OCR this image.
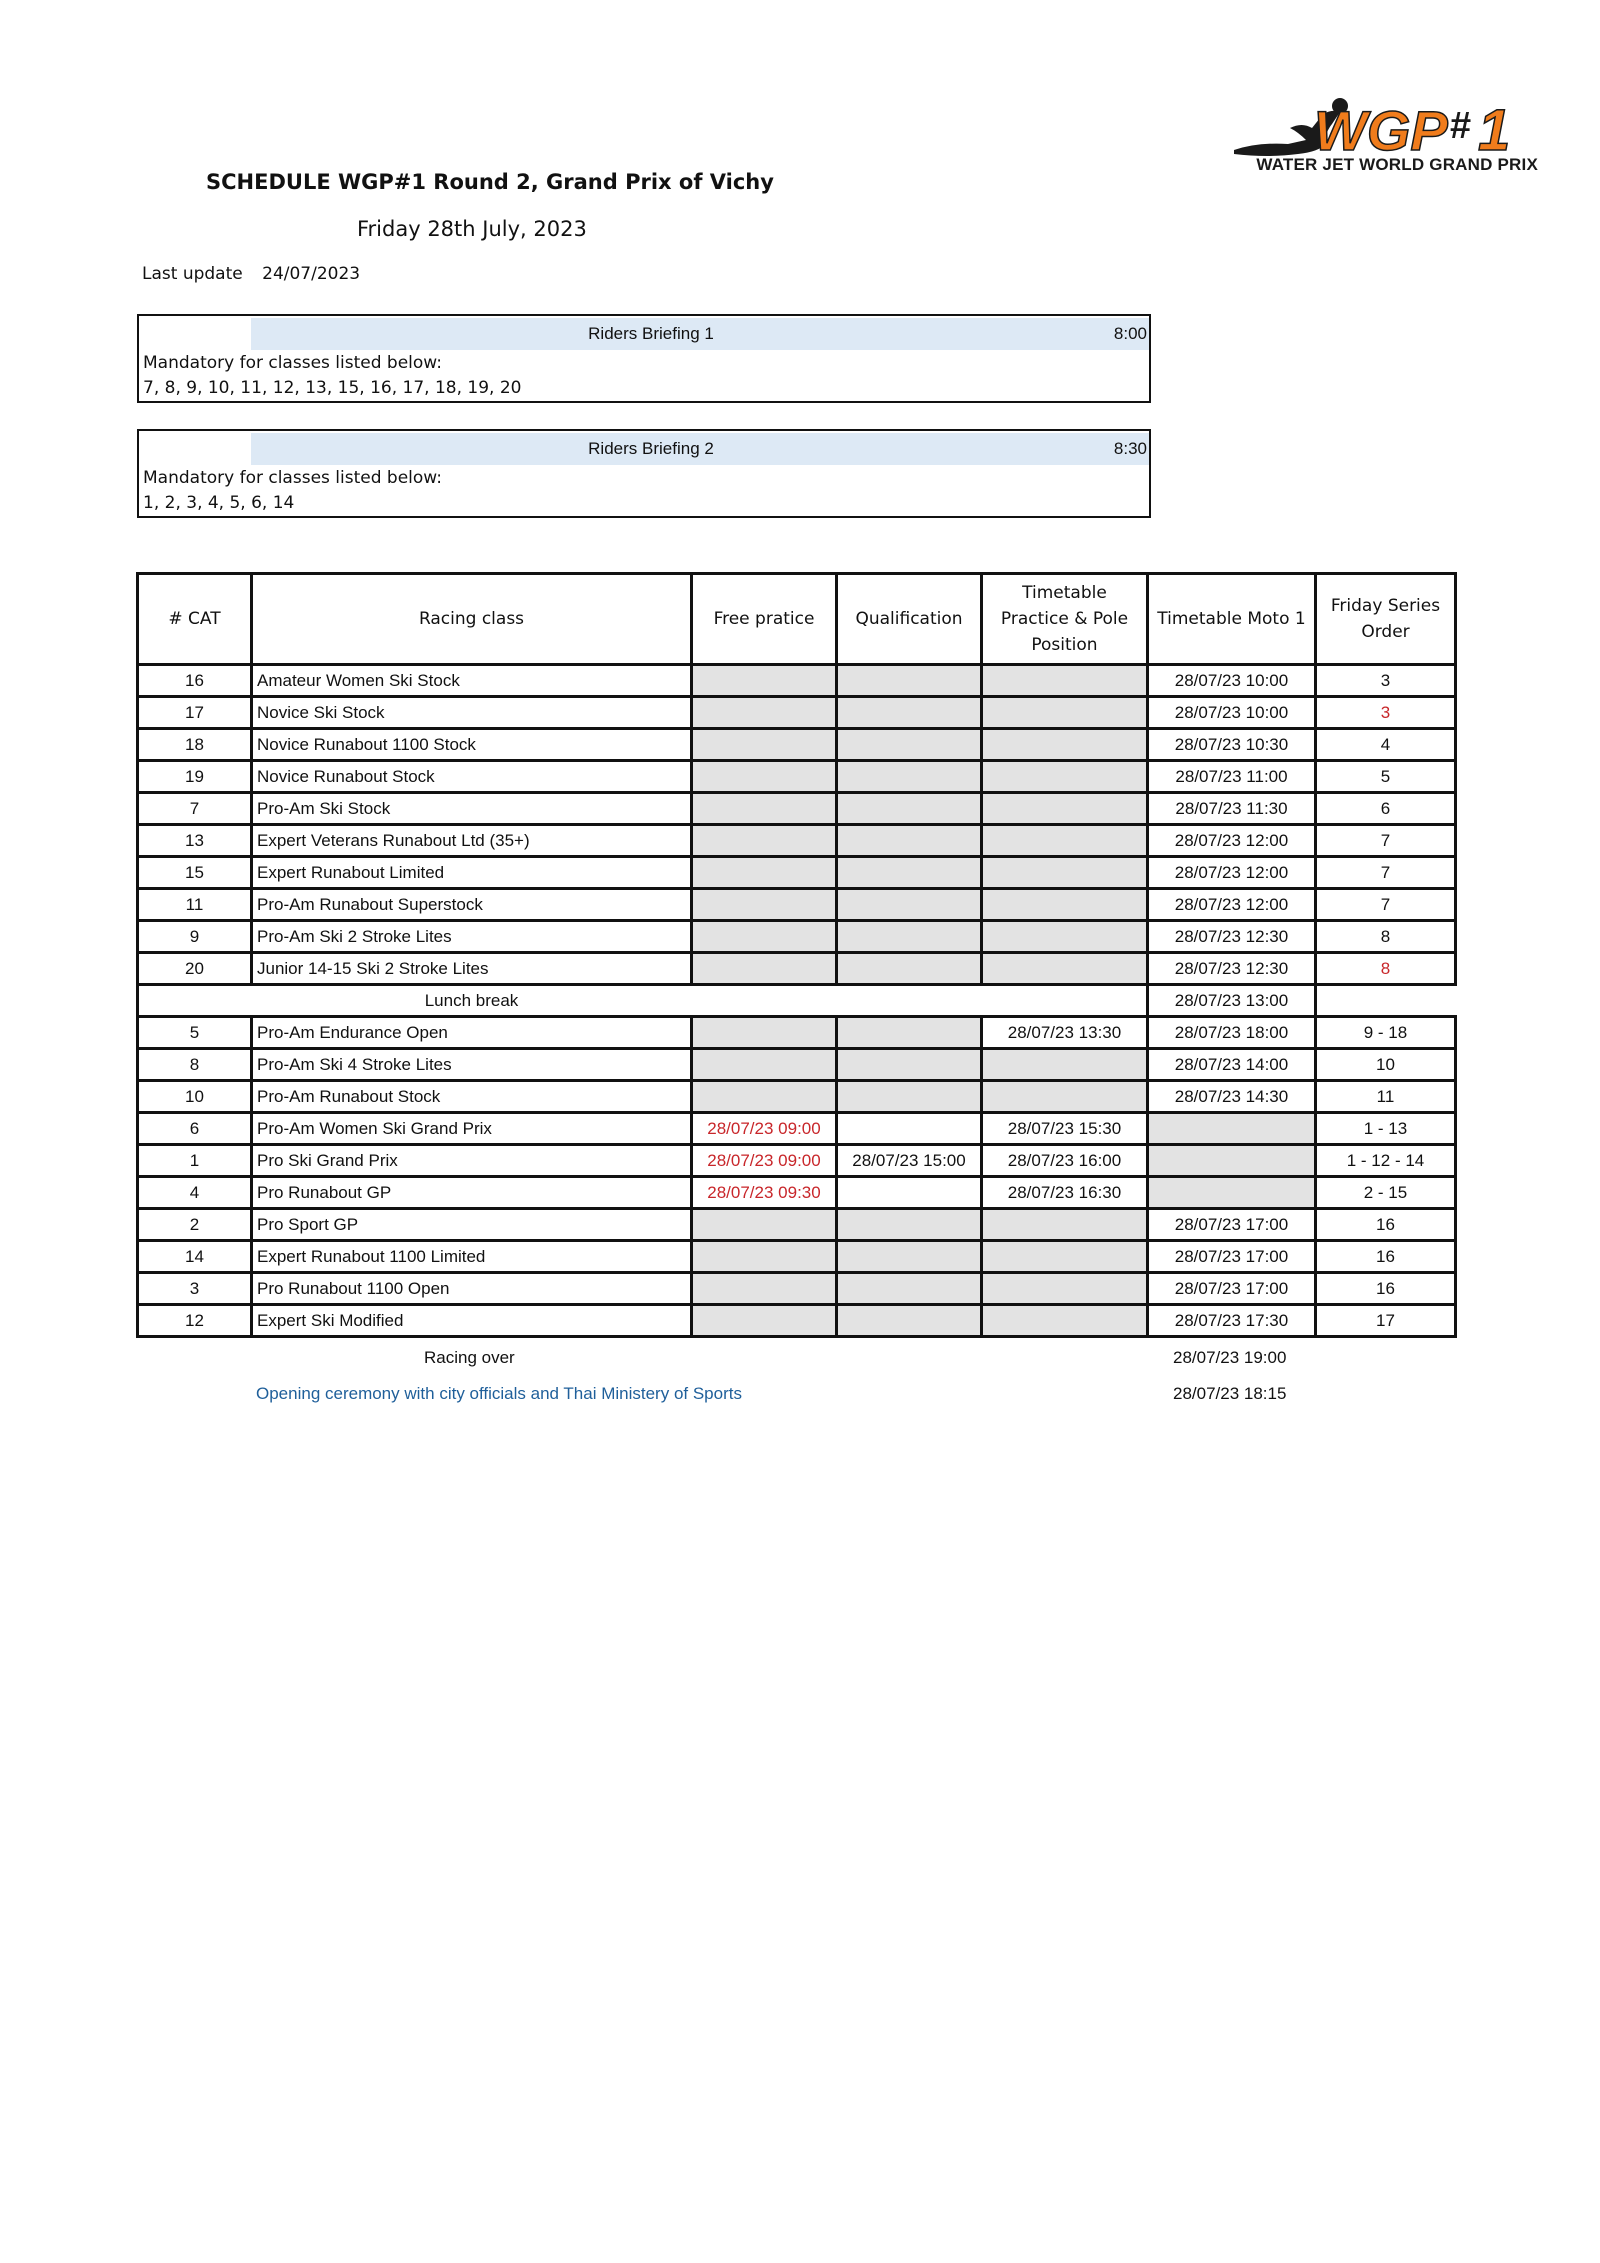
WGP # 1
WATER JET WORLD GRAND PRIX
SCHEDULE WGP#1 Round 2, Grand Prix of Vichy
Friday 28th July, 2023
Last update 24/07/2023
Riders Briefing 1	8:00
Mandatory for classes listed below:
7, 8, 9, 10, 11, 12, 13, 15, 16, 17, 18, 19, 20
Riders Briefing 2	8:30
Mandatory for classes listed below:
1, 2, 3, 4, 5, 6, 14
# CAT	Racing class	Free pratice	Qualification	Timetable Practice & Pole Position	Timetable Moto 1	Friday Series Order
16	Amateur Women Ski Stock				28/07/23 10:00	3
17	Novice Ski Stock				28/07/23 10:00	3
18	Novice Runabout 1100 Stock				28/07/23 10:30	4
19	Novice Runabout Stock				28/07/23 11:00	5
7	Pro-Am Ski Stock				28/07/23 11:30	6
13	Expert Veterans Runabout Ltd (35+)				28/07/23 12:00	7
15	Expert Runabout Limited				28/07/23 12:00	7
11	Pro-Am Runabout Superstock				28/07/23 12:00	7
9	Pro-Am Ski 2 Stroke Lites				28/07/23 12:30	8
20	Junior 14-15 Ski 2 Stroke Lites				28/07/23 12:30	8
	Lunch break				28/07/23 13:00	
5	Pro-Am Endurance Open			28/07/23 13:30	28/07/23 18:00	9 - 18
8	Pro-Am Ski 4 Stroke Lites				28/07/23 14:00	10
10	Pro-Am Runabout Stock				28/07/23 14:30	11
6	Pro-Am Women Ski Grand Prix	28/07/23 09:00		28/07/23 15:30		1 - 13
1	Pro Ski Grand Prix	28/07/23 09:00	28/07/23 15:00	28/07/23 16:00		1 - 12 - 14
4	Pro Runabout GP	28/07/23 09:30		28/07/23 16:30		2 - 15
2	Pro Sport GP				28/07/23 17:00	16
14	Expert Runabout 1100 Limited				28/07/23 17:00	16
3	Pro Runabout 1100 Open				28/07/23 17:00	16
12	Expert Ski Modified				28/07/23 17:30	17
Racing over	28/07/23 19:00
Opening ceremony with city officials and Thai Ministery of Sports	28/07/23 18:15
